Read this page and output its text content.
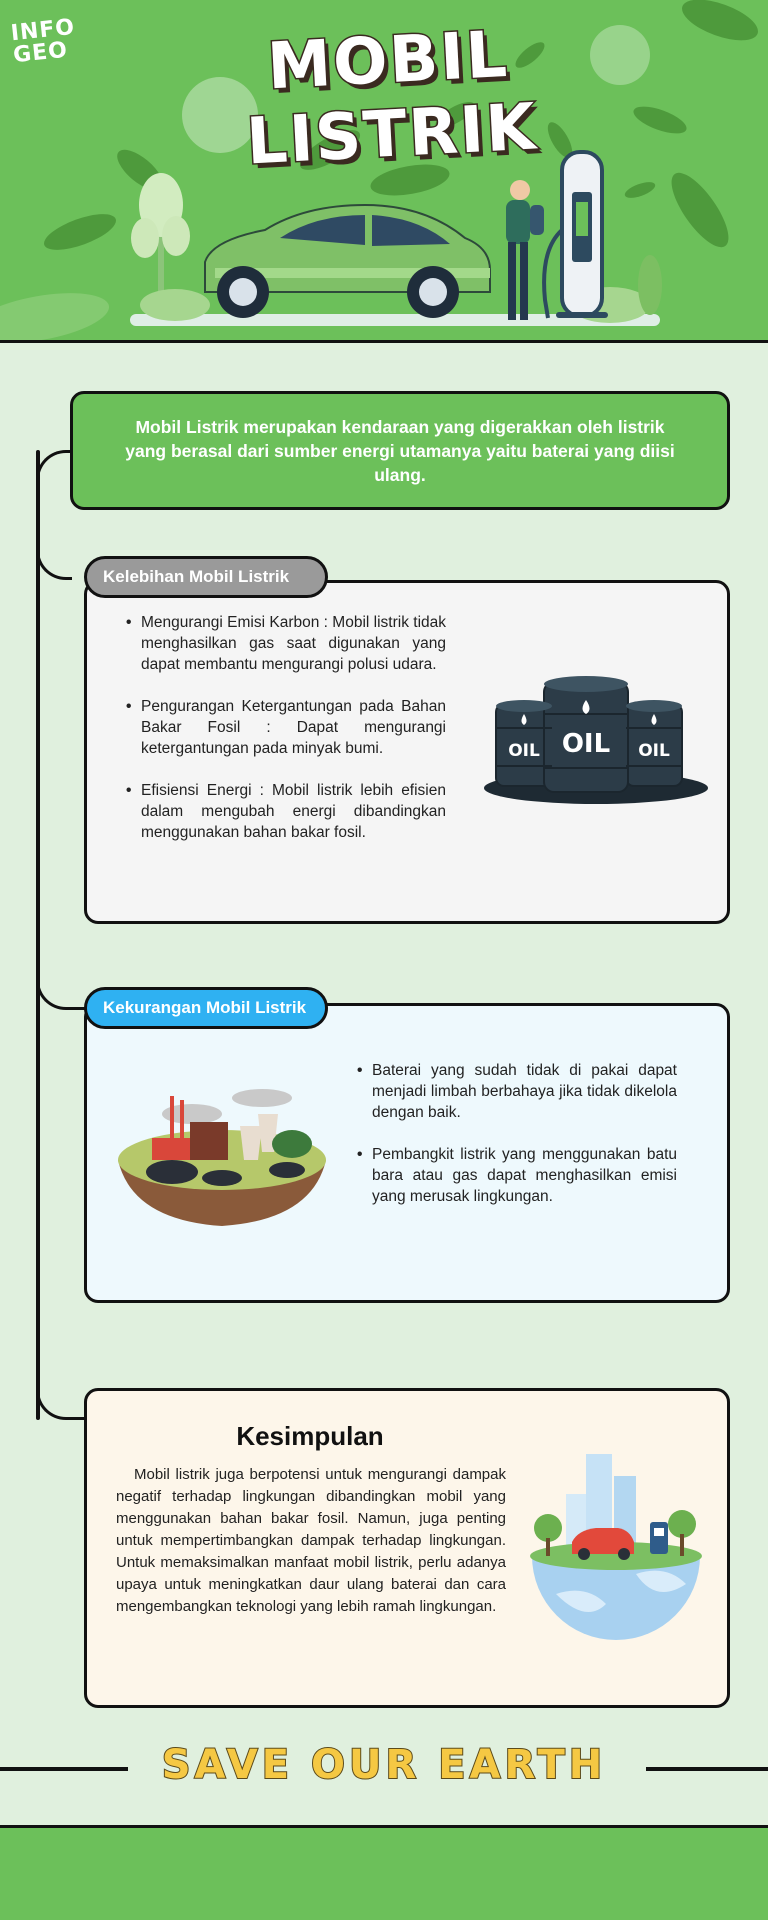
INFO
GEO	MOBIL LISTRIK

Mobil Listrik merupakan kendaraan yang digerakkan oleh listrik yang berasal dari sumber energi utamanya yaitu baterai yang diisi ulang.

Kelebihan Mobil Listrik
• Mengurangi Emisi Karbon : Mobil listrik tidak menghasilkan gas saat digunakan yang dapat membantu mengurangi polusi udara.
• Pengurangan Ketergantungan pada Bahan Bakar Fosil : Dapat mengurangi ketergantungan pada minyak bumi.
• Efisiensi Energi : Mobil listrik lebih efisien dalam mengubah energi dibandingkan menggunakan bahan bakar fosil.
OIL
OIL	OIL
Kekurangan Mobil Listrik
• Baterai yang sudah tidak di pakai dapat menjadi limbah berbahaya jika tidak dikelola dengan baik.
• Pembangkit listrik yang menggunakan batu bara atau gas dapat menghasilkan emisi yang merusak lingkungan.
Kesimpulan

Mobil listrik juga berpotensi untuk mengurangi dampak negatif terhadap lingkungan dibandingkan mobil yang menggunakan bahan bakar fosil. Namun, juga penting untuk mempertimbangkan dampak terhadap lingkungan. Untuk memaksimalkan manfaat mobil listrik, perlu adanya upaya untuk meningkatkan daur ulang baterai dan cara mengembangkan teknologi yang lebih ramah lingkungan.

SAVE OUR EARTH
